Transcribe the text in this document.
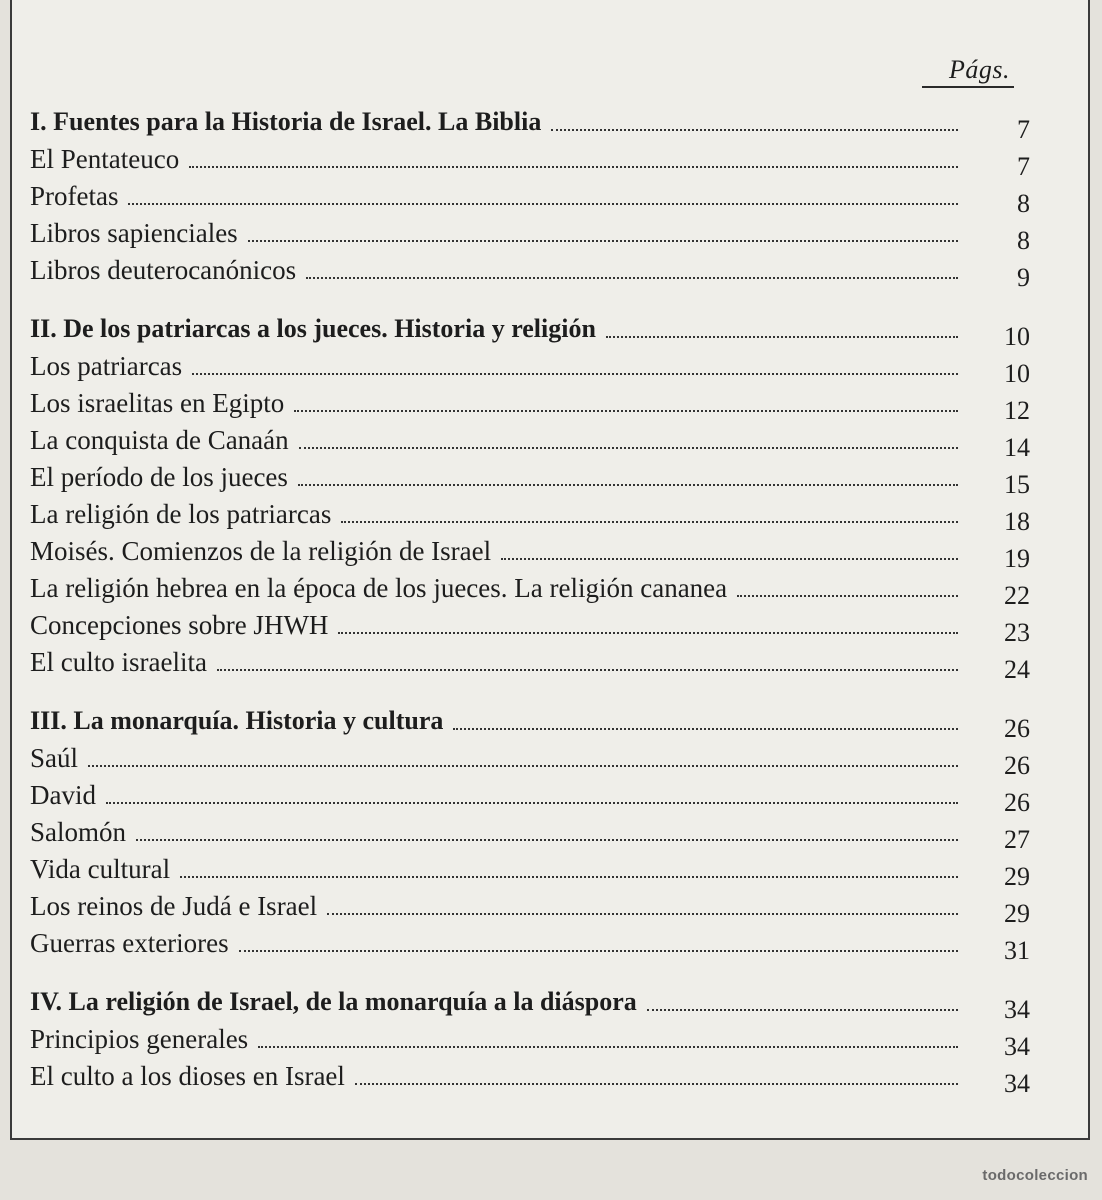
Págs.
I. Fuentes para la Historia de Israel. La Biblia	7
El Pentateuco	7
Profetas	8
Libros sapienciales	8
Libros deuterocanónicos	9
II. De los patriarcas a los jueces. Historia y religión	10
Los patriarcas	10
Los israelitas en Egipto	12
La conquista de Canaán	14
El período de los jueces	15
La religión de los patriarcas	18
Moisés. Comienzos de la religión de Israel	19
La religión hebrea en la época de los jueces. La religión cananea	22
Concepciones sobre JHWH	23
El culto israelita	24
III. La monarquía. Historia y cultura	26
Saúl	26
David	26
Salomón	27
Vida cultural	29
Los reinos de Judá e Israel	29
Guerras exteriores	31
IV. La religión de Israel, de la monarquía a la diáspora	34
Principios generales	34
El culto a los dioses en Israel	34
todocoleccion
